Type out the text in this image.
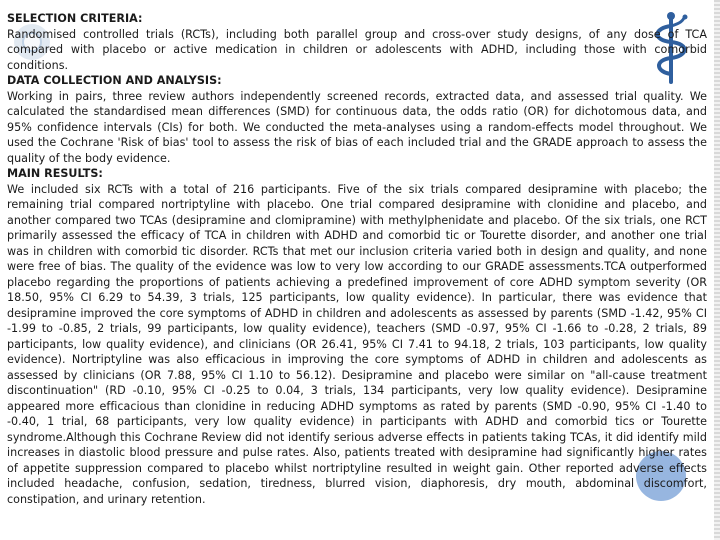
SELECTION CRITERIA:

Randomised controlled trials (RCTs), including both parallel group and cross-over study designs, of any dose of TCA compared with placebo or active medication in children or adolescents with ADHD, including those with comorbid conditions.

DATA COLLECTION AND ANALYSIS:

Working in pairs, three review authors independently screened records, extracted data, and assessed trial quality. We calculated the standardised mean differences (SMD) for continuous data, the odds ratio (OR) for dichotomous data, and 95% confidence intervals (CIs) for both. We conducted the meta-analyses using a random-effects model throughout. We used the Cochrane 'Risk of bias' tool to assess the risk of bias of each included trial and the GRADE approach to assess the quality of the body evidence.

MAIN RESULTS:

We included six RCTs with a total of 216 participants. Five of the six trials compared desipramine with placebo; the remaining trial compared nortriptyline with placebo. One trial compared desipramine with clonidine and placebo, and another compared two TCAs (desipramine and clomipramine) with methylphenidate and placebo. Of the six trials, one RCT primarily assessed the efficacy of TCA in children with ADHD and comorbid tic or Tourette disorder, and another one trial was in children with comorbid tic disorder. RCTs that met our inclusion criteria varied both in design and quality, and none were free of bias. The quality of the evidence was low to very low according to our GRADE assessments.TCA outperformed placebo regarding the proportions of patients achieving a predefined improvement of core ADHD symptom severity (OR 18.50, 95% CI 6.29 to 54.39, 3 trials, 125 participants, low quality evidence). In particular, there was evidence that desipramine improved the core symptoms of ADHD in children and adolescents as assessed by parents (SMD -1.42, 95% CI -1.99 to -0.85, 2 trials, 99 participants, low quality evidence), teachers (SMD -0.97, 95% CI -1.66 to -0.28, 2 trials, 89 participants, low quality evidence), and clinicians (OR 26.41, 95% CI 7.41 to 94.18, 2 trials, 103 participants, low quality evidence). Nortriptyline was also efficacious in improving the core symptoms of ADHD in children and adolescents as assessed by clinicians (OR 7.88, 95% CI 1.10 to 56.12). Desipramine and placebo were similar on "all-cause treatment discontinuation" (RD -0.10, 95% CI -0.25 to 0.04, 3 trials, 134 participants, very low quality evidence). Desipramine appeared more efficacious than clonidine in reducing ADHD symptoms as rated by parents (SMD -0.90, 95% CI -1.40 to -0.40, 1 trial, 68 participants, very low quality evidence) in participants with ADHD and comorbid tics or Tourette syndrome.Although this Cochrane Review did not identify serious adverse effects in patients taking TCAs, it did identify mild increases in diastolic blood pressure and pulse rates. Also, patients treated with desipramine had significantly higher rates of appetite suppression compared to placebo whilst nortriptyline resulted in weight gain. Other reported adverse effects included headache, confusion, sedation, tiredness, blurred vision, diaphoresis, dry mouth, abdominal discomfort, constipation, and urinary retention.
